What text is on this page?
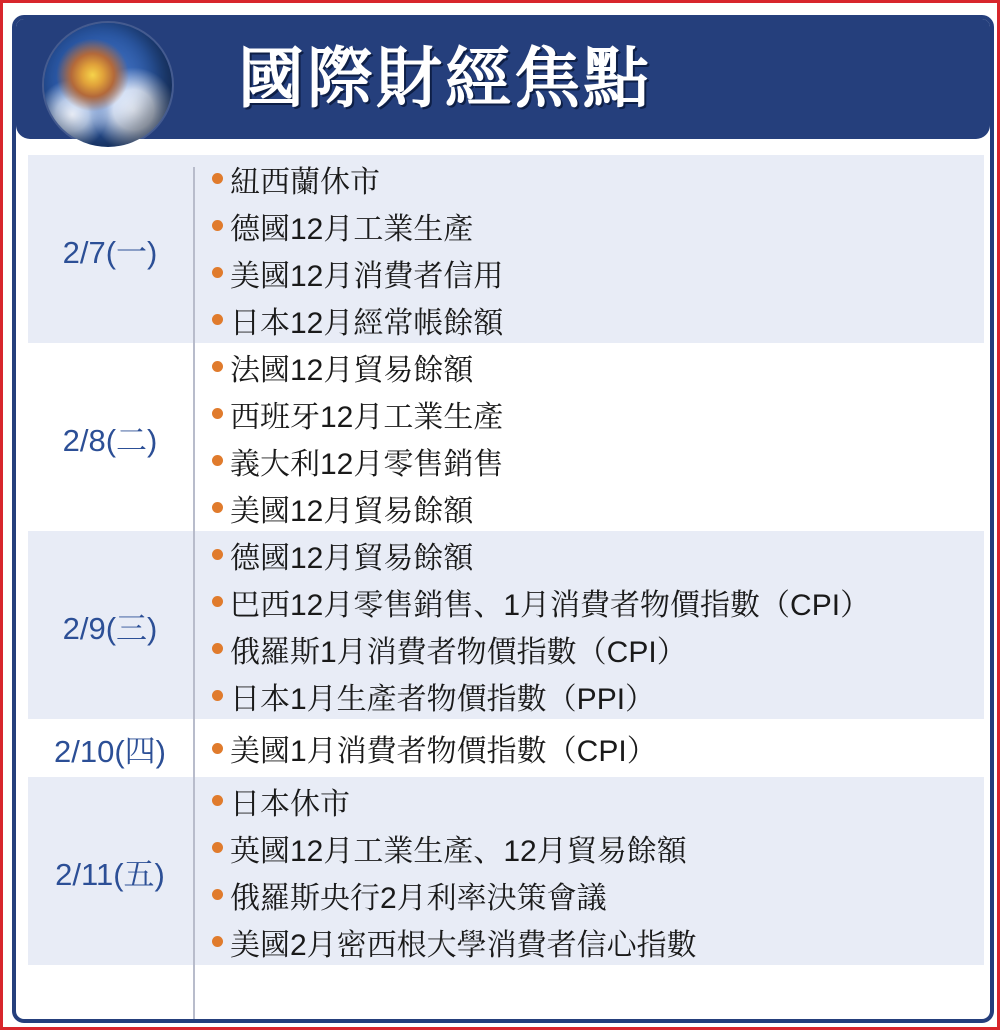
國際財經焦點
2/7(一)
紐西蘭休市
德國12月工業生產
美國12月消費者信用
日本12月經常帳餘額
2/8(二)
法國12月貿易餘額
西班牙12月工業生產
義大利12月零售銷售
美國12月貿易餘額
2/9(三)
德國12月貿易餘額
巴西12月零售銷售、1月消費者物價指數（CPI）
俄羅斯1月消費者物價指數（CPI）
日本1月生產者物價指數（PPI）
2/10(四)	美國1月消費者物價指數（CPI）
2/11(五)
日本休市
英國12月工業生產、12月貿易餘額
俄羅斯央行2月利率決策會議
美國2月密西根大學消費者信心指數
